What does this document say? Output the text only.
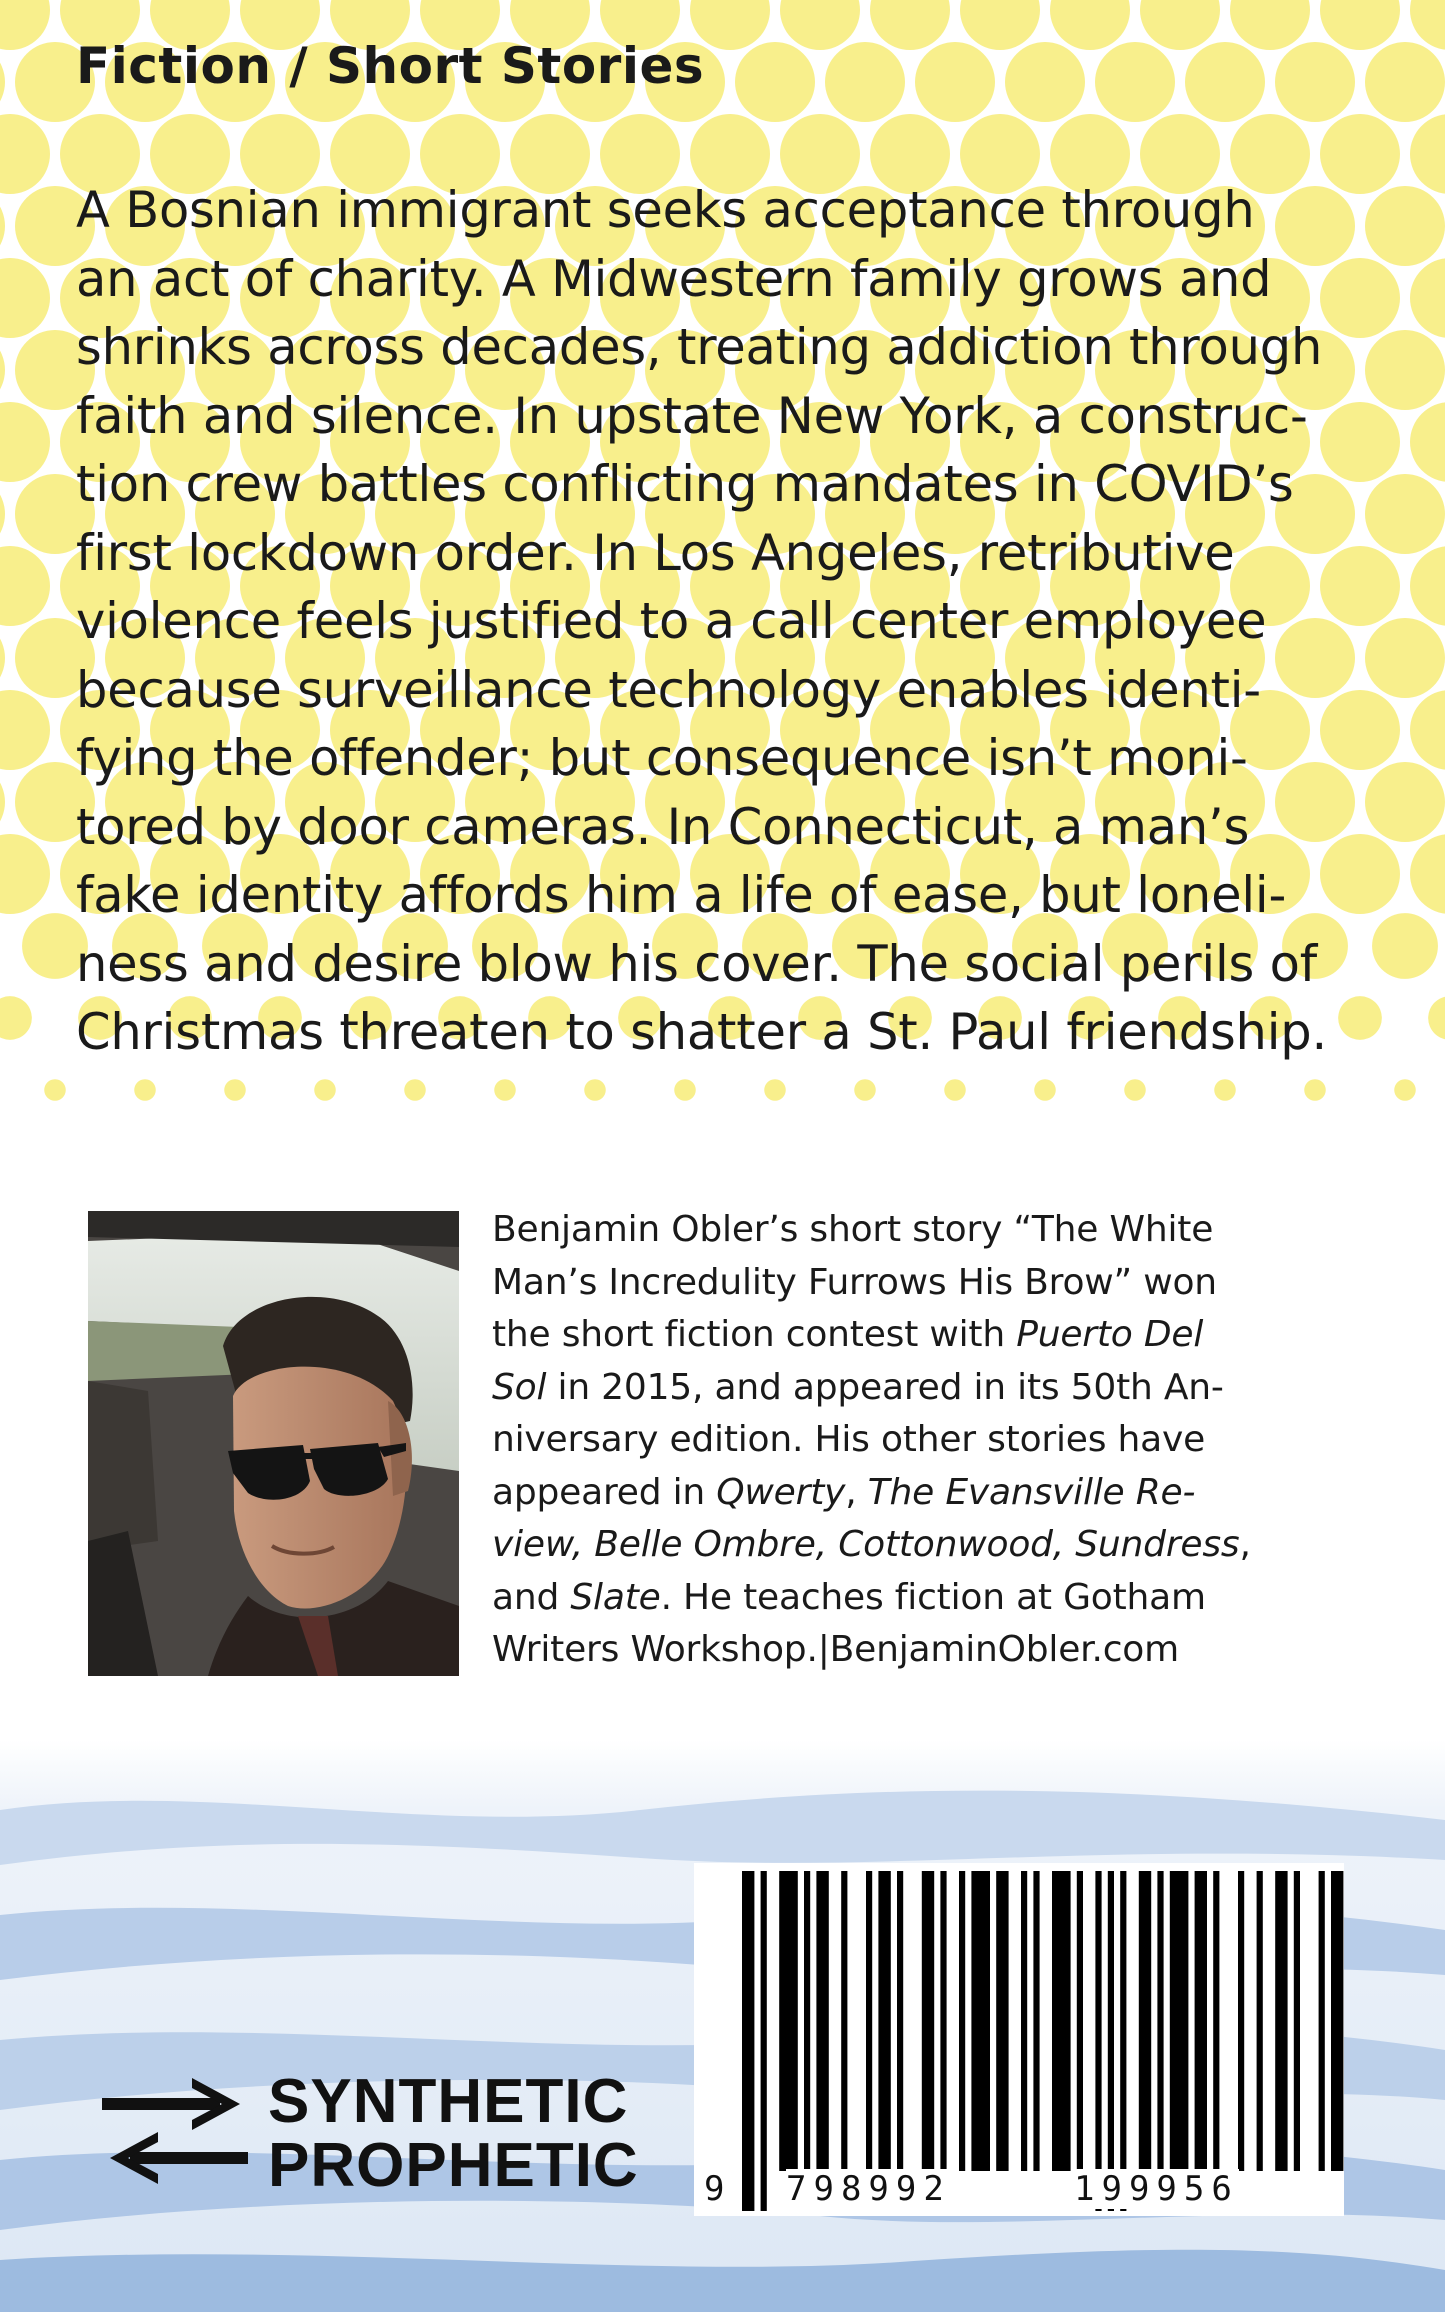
Fiction / Short Stories

A Bosnian immigrant seeks acceptance through
an act of charity. A Midwestern family grows and
shrinks across decades, treating addiction through
faith and silence. In upstate New York, a construc-
tion crew battles conflicting mandates in COVID’s
first lockdown order. In Los Angeles, retributive
violence feels justified to a call center employee
because surveillance technology enables identi-
fying the offender; but consequence isn’t moni-
tored by door cameras. In Connecticut, a man’s
fake identity affords him a life of ease, but loneli-
ness and desire blow his cover. The social perils of
Christmas threaten to shatter a St. Paul friendship.

Benjamin Obler’s short story “The White
Man’s Incredulity Furrows His Brow” won
the short fiction contest with Puerto Del
Sol in 2015, and appeared in its 50th An-
niversary edition. His other stories have
appeared in Qwerty, The Evansville Re-
view, Belle Ombre, Cottonwood, Sundress,
and Slate. He teaches fiction at Gotham
Writers Workshop.|BenjaminObler.com

SYNTHETIC
PROPHETIC 9 798992	199956
